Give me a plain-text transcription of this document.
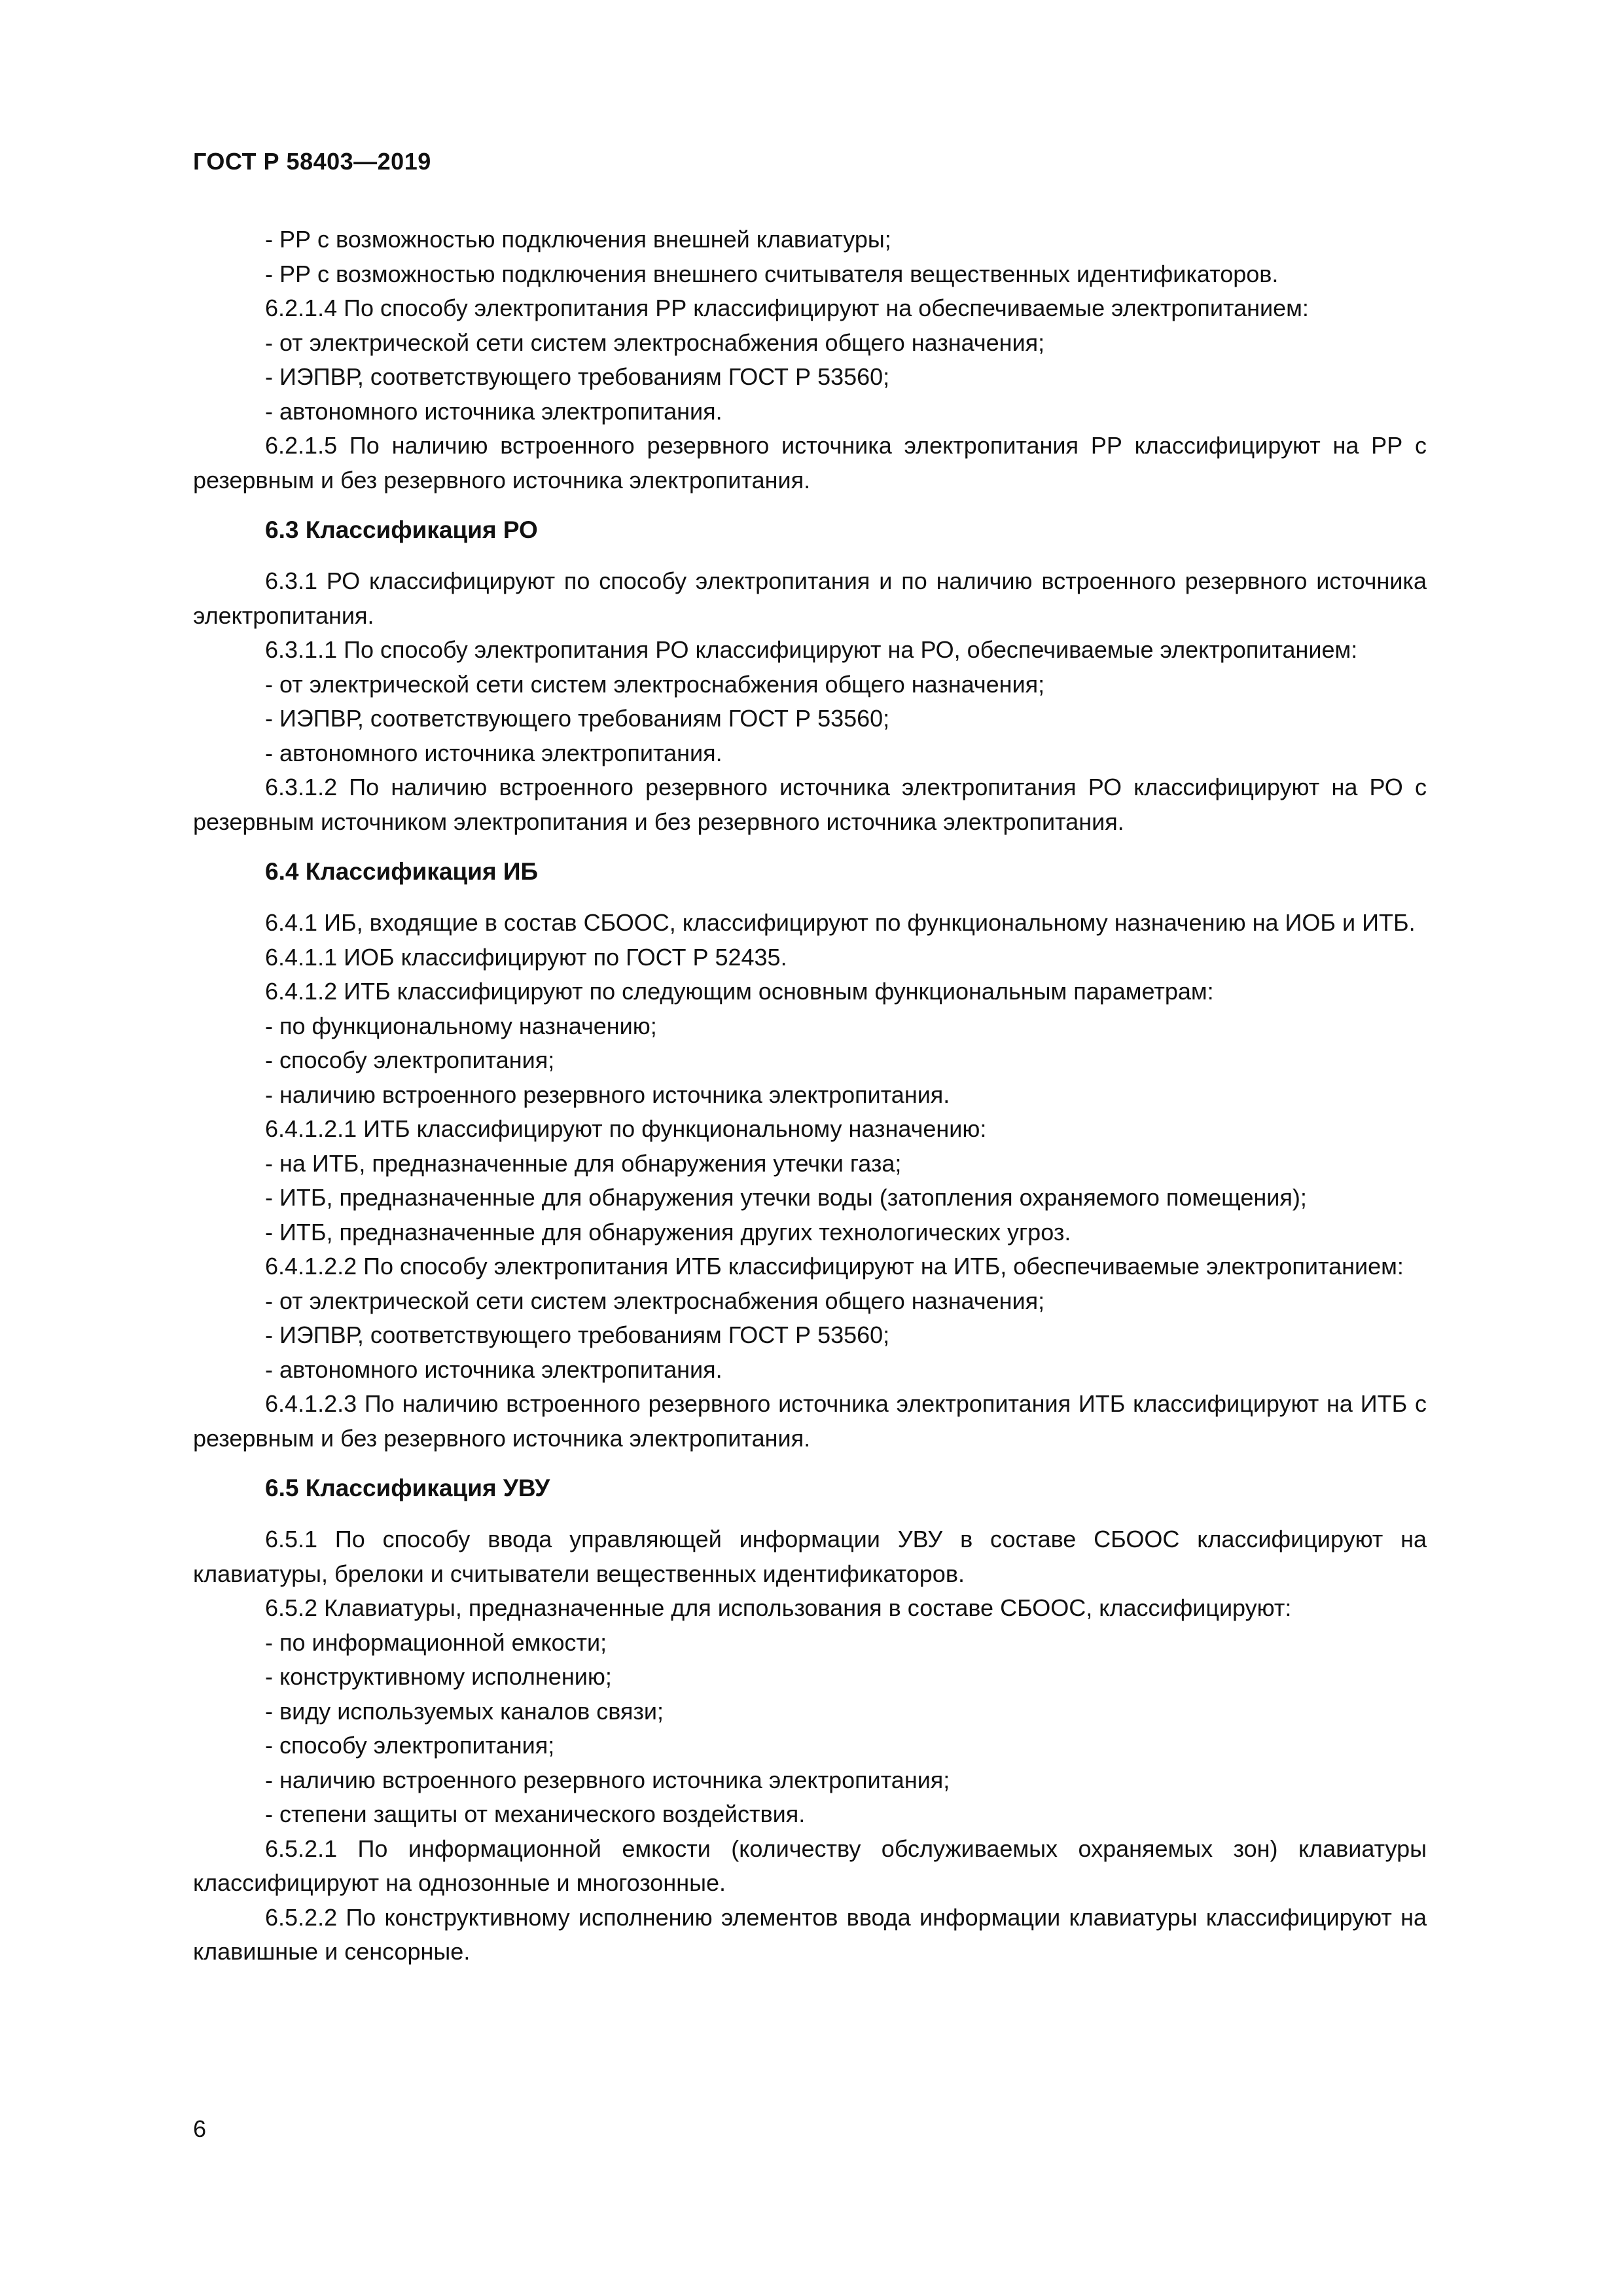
ГОСТ Р 58403—2019
- РР с возможностью подключения внешней клавиатуры;
- РР с возможностью подключения внешнего считывателя вещественных идентификаторов.

6.2.1.4 По способу электропитания РР классифицируют на обеспечиваемые электропитанием:

- от электрической сети систем электроснабжения общего назначения;
- ИЭПВР, соответствующего требованиям ГОСТ Р 53560;
- автономного источника электропитания.

6.2.1.5 По наличию встроенного резервного источника электропитания РР классифицируют на РР с резервным и без резервного источника электропитания.

6.3 Классификация РО

6.3.1 РО классифицируют по способу электропитания и по наличию встроенного резервного источника электропитания.

6.3.1.1 По способу электропитания РО классифицируют на РО, обеспечиваемые электропитанием:

- от электрической сети систем электроснабжения общего назначения;
- ИЭПВР, соответствующего требованиям ГОСТ Р 53560;
- автономного источника электропитания.

6.3.1.2 По наличию встроенного резервного источника электропитания РО классифицируют на РО с резервным источником электропитания и без резервного источника электропитания.

6.4 Классификация ИБ

6.4.1 ИБ, входящие в состав СБООС, классифицируют по функциональному назначению на ИОБ и ИТБ.

6.4.1.1 ИОБ классифицируют по ГОСТ Р 52435.

6.4.1.2 ИТБ классифицируют по следующим основным функциональным параметрам:

- по функциональному назначению;
- способу электропитания;
- наличию встроенного резервного источника электропитания.

6.4.1.2.1 ИТБ классифицируют по функциональному назначению:

- на ИТБ, предназначенные для обнаружения утечки газа;
- ИТБ, предназначенные для обнаружения утечки воды (затопления охраняемого помещения);
- ИТБ, предназначенные для обнаружения других технологических угроз.

6.4.1.2.2 По способу электропитания ИТБ классифицируют на ИТБ, обеспечиваемые электропитанием:

- от электрической сети систем электроснабжения общего назначения;
- ИЭПВР, соответствующего требованиям ГОСТ Р 53560;
- автономного источника электропитания.

6.4.1.2.3 По наличию встроенного резервного источника электропитания ИТБ классифицируют на ИТБ с резервным и без резервного источника электропитания.

6.5 Классификация УВУ

6.5.1 По способу ввода управляющей информации УВУ в составе СБООС классифицируют на клавиатуры, брелоки и считыватели вещественных идентификаторов.

6.5.2 Клавиатуры, предназначенные для использования в составе СБООС, классифицируют:

- по информационной емкости;
- конструктивному исполнению;
- виду используемых каналов связи;
- способу электропитания;
- наличию встроенного резервного источника электропитания;
- степени защиты от механического воздействия.

6.5.2.1 По информационной емкости (количеству обслуживаемых охраняемых зон) клавиатуры классифицируют на однозонные и многозонные.

6.5.2.2 По конструктивному исполнению элементов ввода информации клавиатуры классифицируют на клавишные и сенсорные.

6
